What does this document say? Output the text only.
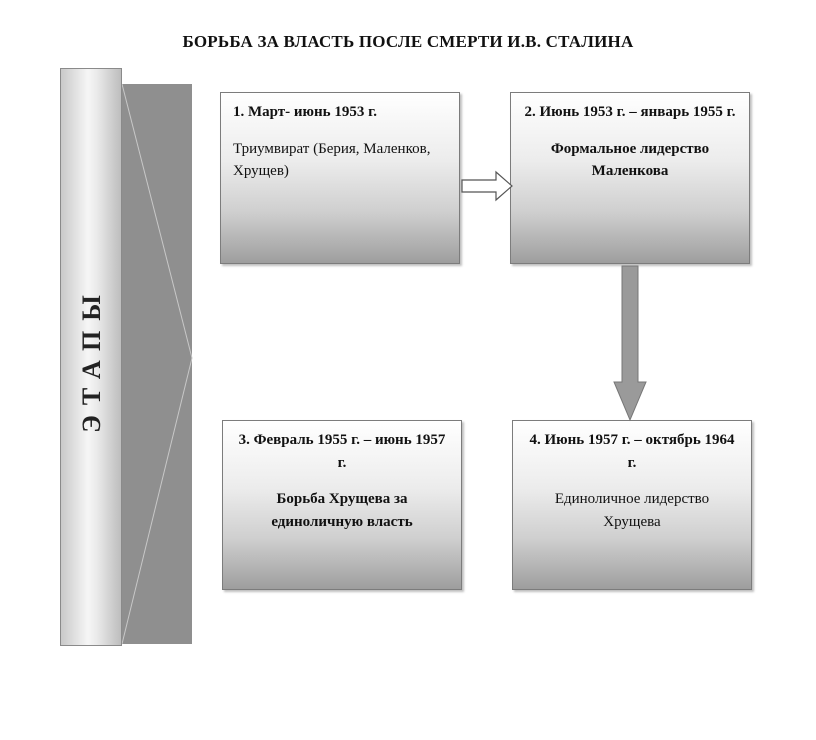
БОРЬБА ЗА ВЛАСТЬ ПОСЛЕ СМЕРТИ И.В. СТАЛИНА
ЭТАПЫ
1. Март- июнь 1953 г.
Триумвират (Берия, Маленков, Хрущев)
2. Июнь 1953 г. – январь 1955 г.
Формальное лидерство Маленкова
3. Февраль 1955 г. – июнь 1957 г.
Борьба Хрущева за единоличную власть
4. Июнь 1957 г. – октябрь 1964 г.
Единоличное лидерство Хрущева
